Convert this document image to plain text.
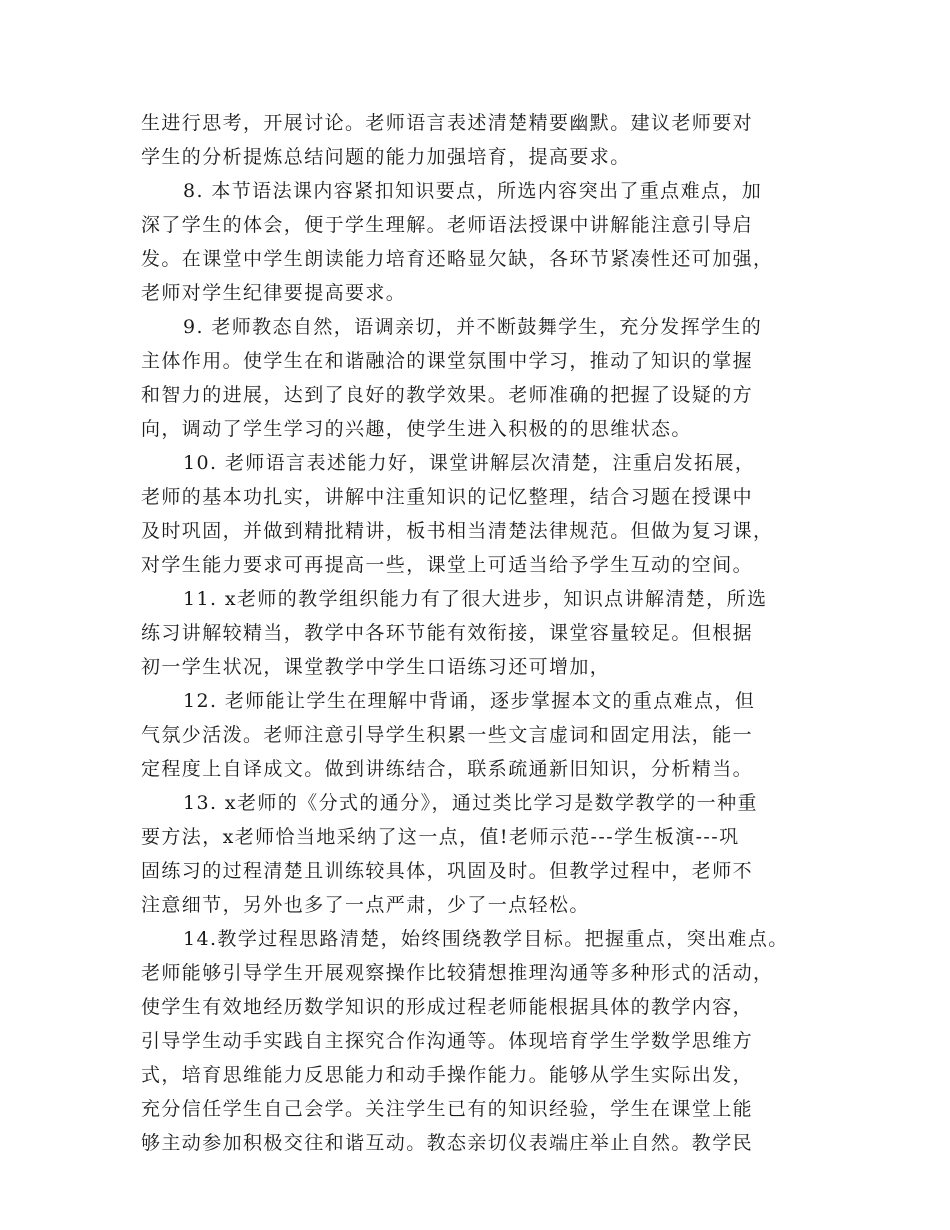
生进行思考，开展讨论。老师语言表述清楚精要幽默。建议老师要对
学生的分析提炼总结问题的能力加强培育，提高要求。
8. 本节语法课内容紧扣知识要点，所选内容突出了重点难点，加
深了学生的体会，便于学生理解。老师语法授课中讲解能注意引导启
发。在课堂中学生朗读能力培育还略显欠缺，各环节紧凑性还可加强，
老师对学生纪律要提高要求。
9. 老师教态自然，语调亲切，并不断鼓舞学生，充分发挥学生的
主体作用。使学生在和谐融洽的课堂氛围中学习，推动了知识的掌握
和智力的进展，达到了良好的教学效果。老师准确的把握了设疑的方
向，调动了学生学习的兴趣，使学生进入积极的的思维状态。
10. 老师语言表述能力好，课堂讲解层次清楚，注重启发拓展，
老师的基本功扎实，讲解中注重知识的记忆整理，结合习题在授课中
及时巩固，并做到精批精讲，板书相当清楚法律规范。但做为复习课，
对学生能力要求可再提高一些，课堂上可适当给予学生互动的空间。
11. x老师的教学组织能力有了很大进步，知识点讲解清楚，所选
练习讲解较精当，教学中各环节能有效衔接，课堂容量较足。但根据
初一学生状况，课堂教学中学生口语练习还可增加，
12. 老师能让学生在理解中背诵，逐步掌握本文的重点难点，但
气氛少活泼。老师注意引导学生积累一些文言虚词和固定用法，能一
定程度上自译成文。做到讲练结合，联系疏通新旧知识，分析精当。
13. x老师的《分式的通分》，通过类比学习是数学教学的一种重
要方法，x老师恰当地采纳了这一点，值!老师示范---学生板演---巩
固练习的过程清楚且训练较具体，巩固及时。但教学过程中，老师不
注意细节，另外也多了一点严肃，少了一点轻松。
14.教学过程思路清楚，始终围绕教学目标。把握重点，突出难点。
老师能够引导学生开展观察操作比较猜想推理沟通等多种形式的活动，
使学生有效地经历数学知识的形成过程老师能根据具体的教学内容，
引导学生动手实践自主探究合作沟通等。体现培育学生学数学思维方
式，培育思维能力反思能力和动手操作能力。能够从学生实际出发，
充分信任学生自己会学。关注学生已有的知识经验，学生在课堂上能
够主动参加积极交往和谐互动。教态亲切仪表端庄举止自然。教学民
